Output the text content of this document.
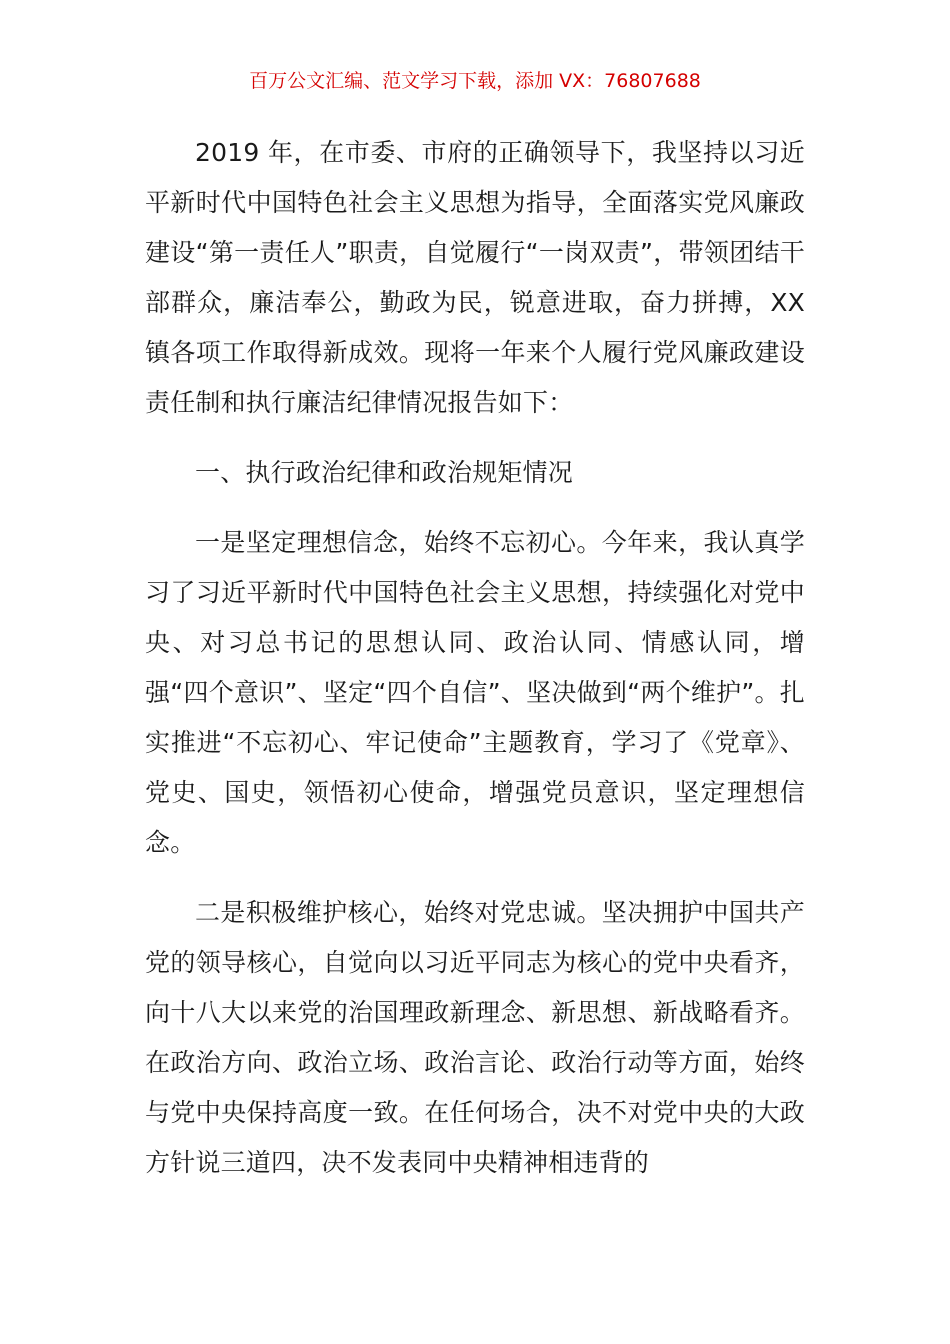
百万公文汇编、范文学习下载，添加 VX：76807688

2019 年，在市委、市府的正确领导下，我坚持以习近平新时代中国特色社会主义思想为指导，全面落实党风廉政建设“第一责任人”职责，自觉履行“一岗双责”，带领团结干部群众，廉洁奉公，勤政为民，锐意进取，奋力拼搏，XX 镇各项工作取得新成效。现将一年来个人履行党风廉政建设责任制和执行廉洁纪律情况报告如下：

一、执行政治纪律和政治规矩情况

一是坚定理想信念，始终不忘初心。今年来，我认真学习了习近平新时代中国特色社会主义思想，持续强化对党中央、对习总书记的思想认同、政治认同、情感认同，增强“四个意识”、坚定“四个自信”、坚决做到“两个维护”。扎实推进“不忘初心、牢记使命”主题教育，学习了《党章》、党史、国史，领悟初心使命，增强党员意识，坚定理想信念。

二是积极维护核心，始终对党忠诚。坚决拥护中国共产党的领导核心，自觉向以习近平同志为核心的党中央看齐，向十八大以来党的治国理政新理念、新思想、新战略看齐。在政治方向、政治立场、政治言论、政治行动等方面，始终与党中央保持高度一致。在任何场合，决不对党中央的大政方针说三道四，决不发表同中央精神相违背的
